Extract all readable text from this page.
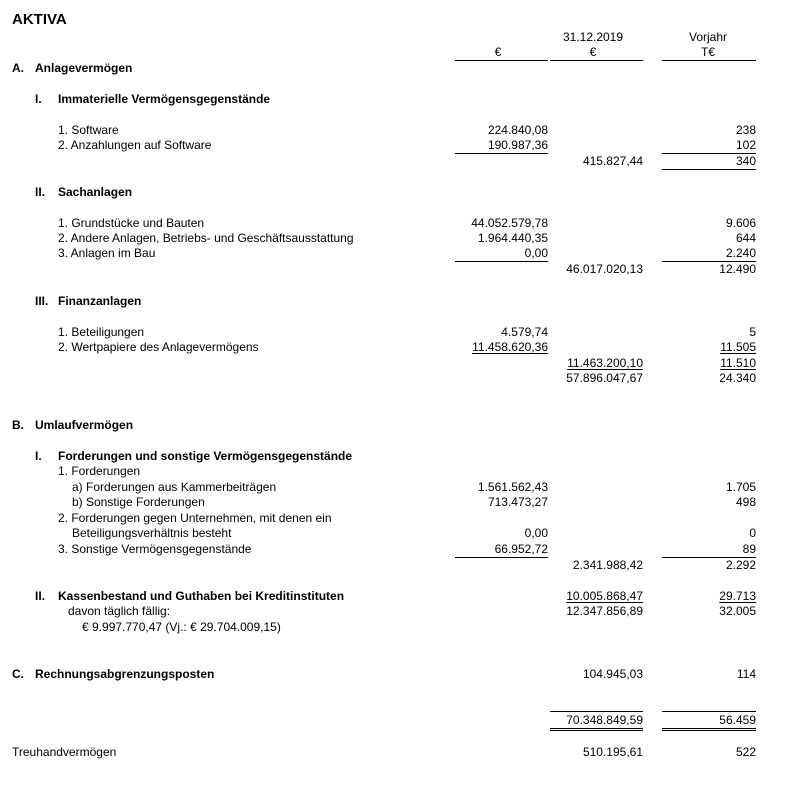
AKTIVA
31.12.2019	Vorjahr
€	€	T€
A. Anlagevermögen
I. Immaterielle Vermögensgegenstände
1. Software	224.840,08	238
2. Anzahlungen auf Software	190.987,36	102
415.827,44	340
II. Sachanlagen
1. Grundstücke und Bauten	44.052.579,78	9.606
2. Andere Anlagen, Betriebs- und Geschäftsausstattung	1.964.440,35	644
3. Anlagen im Bau	0,00	2.240
46.017.020,13	12.490
III. Finanzanlagen
1. Beteiligungen	4.579,74	5
2. Wertpapiere des Anlagevermögens	11.458.620,36	11.505
11.463.200,10	11.510
57.896.047,67	24.340
B. Umlaufvermögen
I. Forderungen und sonstige Vermögensgegenstände
1. Forderungen
a) Forderungen aus Kammerbeiträgen	1.561.562,43	1.705
b) Sonstige Forderungen	713.473,27	498
2. Forderungen gegen Unternehmen, mit denen ein
Beteiligungsverhältnis besteht	0,00	0
3. Sonstige Vermögensgegenstände	66.952,72	89
2.341.988,42	2.292
II. Kassenbestand und Guthaben bei Kreditinstituten	10.005.868,47	29.713
davon täglich fällig:	12.347.856,89	32.005
€ 9.997.770,47 (Vj.: € 29.704.009,15)
C. Rechnungsabgrenzungsposten	104.945,03	114
70.348.849,59	56.459
Treuhandvermögen	510.195,61	522
